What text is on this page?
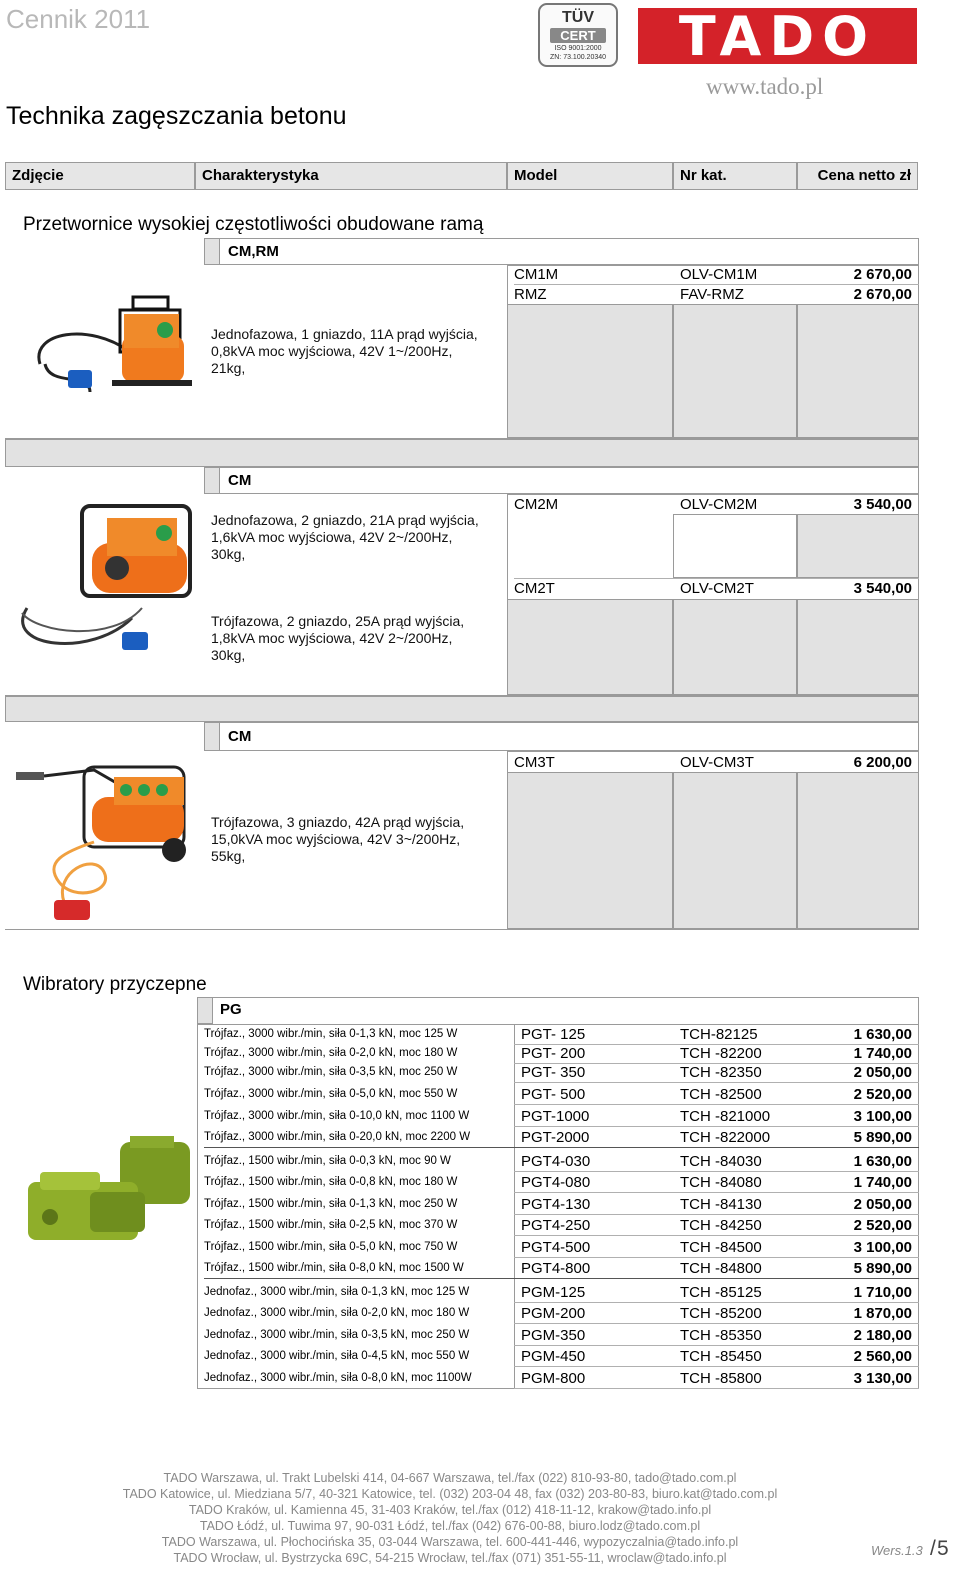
Cennik 2011
Technika zagęszczania betonu
TÜV
CERT
ISO 9001:2000
ZN: 73.100.20340	TADO
www.tado.pl
Zdjęcie	Charakterystyka	Model	Nr kat.	Cena netto zł
Przetwornice wysokiej częstotliwości obudowane ramą
CM,RM
CM1M	OLV-CM1M	2 670,00
RMZ	FAV-RMZ	2 670,00
Jednofazowa, 1 gniazdo, 11A prąd wyjścia,
0,8kVA moc wyjściowa, 42V 1~/200Hz,
21kg,
CM
CM2M	OLV-CM2M	3 540,00
CM2T	OLV-CM2T	3 540,00
Jednofazowa, 2 gniazdo, 21A prąd wyjścia,
1,6kVA moc wyjściowa, 42V 2~/200Hz,
30kg,
Trójfazowa, 2 gniazdo, 25A prąd wyjścia,
1,8kVA moc wyjściowa, 42V 2~/200Hz,
30kg,
CM
CM3T	OLV-CM3T	6 200,00
Trójfazowa, 3 gniazdo, 42A prąd wyjścia,
15,0kVA moc wyjściowa, 42V 3~/200Hz,
55kg,
Wibratory przyczepne
PG
Trójfaz., 3000 wibr./min, siła 0-1,3 kN, moc 125 W	PGT- 125	TCH-82125	1 630,00
Trójfaz., 3000 wibr./min, siła 0-2,0 kN, moc 180 W	PGT- 200	TCH -82200	1 740,00
Trójfaz., 3000 wibr./min, siła 0-3,5 kN, moc 250 W	PGT- 350	TCH -82350	2 050,00
Trójfaz., 3000 wibr./min, siła 0-5,0 kN, moc 550 W	PGT- 500	TCH -82500	2 520,00
Trójfaz., 3000 wibr./min, siła 0-10,0 kN, moc 1100 W	PGT-1000	TCH -821000	3 100,00
Trójfaz., 3000 wibr./min, siła 0-20,0 kN, moc 2200 W	PGT-2000	TCH -822000	5 890,00
Trójfaz., 1500 wibr./min, siła 0-0,3 kN, moc 90 W	PGT4-030	TCH -84030	1 630,00
Trójfaz., 1500 wibr./min, siła 0-0,8 kN, moc 180 W	PGT4-080	TCH -84080	1 740,00
Trójfaz., 1500 wibr./min, siła 0-1,3 kN, moc 250 W	PGT4-130	TCH -84130	2 050,00
Trójfaz., 1500 wibr./min, siła 0-2,5 kN, moc 370 W	PGT4-250	TCH -84250	2 520,00
Trójfaz., 1500 wibr./min, siła 0-5,0 kN, moc 750 W	PGT4-500	TCH -84500	3 100,00
Trójfaz., 1500 wibr./min, siła 0-8,0 kN, moc 1500 W	PGT4-800	TCH -84800	5 890,00
Jednofaz., 3000 wibr./min, siła 0-1,3 kN, moc 125 W	PGM-125	TCH -85125	1 710,00
Jednofaz., 3000 wibr./min, siła 0-2,0 kN, moc 180 W	PGM-200	TCH -85200	1 870,00
Jednofaz., 3000 wibr./min, siła 0-3,5 kN, moc 250 W	PGM-350	TCH -85350	2 180,00
Jednofaz., 3000 wibr./min, siła 0-4,5 kN, moc 550 W	PGM-450	TCH -85450	2 560,00
Jednofaz., 3000 wibr./min, siła 0-8,0 kN, moc 1100W	PGM-800	TCH -85800	3 130,00
TADO Warszawa, ul. Trakt Lubelski 414, 04-667 Warszawa, tel./fax (022) 810-93-80, tado@tado.com.pl
TADO Katowice, ul. Miedziana 5/7, 40-321 Katowice, tel. (032) 203-04 48, fax (032) 203-80-83, biuro.kat@tado.com.pl
TADO Kraków, ul. Kamienna 45, 31-403 Kraków, tel./fax (012) 418-11-12, krakow@tado.info.pl
TADO Łódź, ul. Tuwima 97, 90-031 Łódź, tel./fax (042) 676-00-88, biuro.lodz@tado.com.pl
TADO Warszawa, ul. Płochocińska 35, 03-044 Warszawa, tel. 600-441-446, wypozyczalnia@tado.info.pl
TADO Wrocław, ul. Bystrzycka 69C, 54-215 Wrocław, tel./fax (071) 351-55-11, wroclaw@tado.info.pl	Wers.1.3 / 5
